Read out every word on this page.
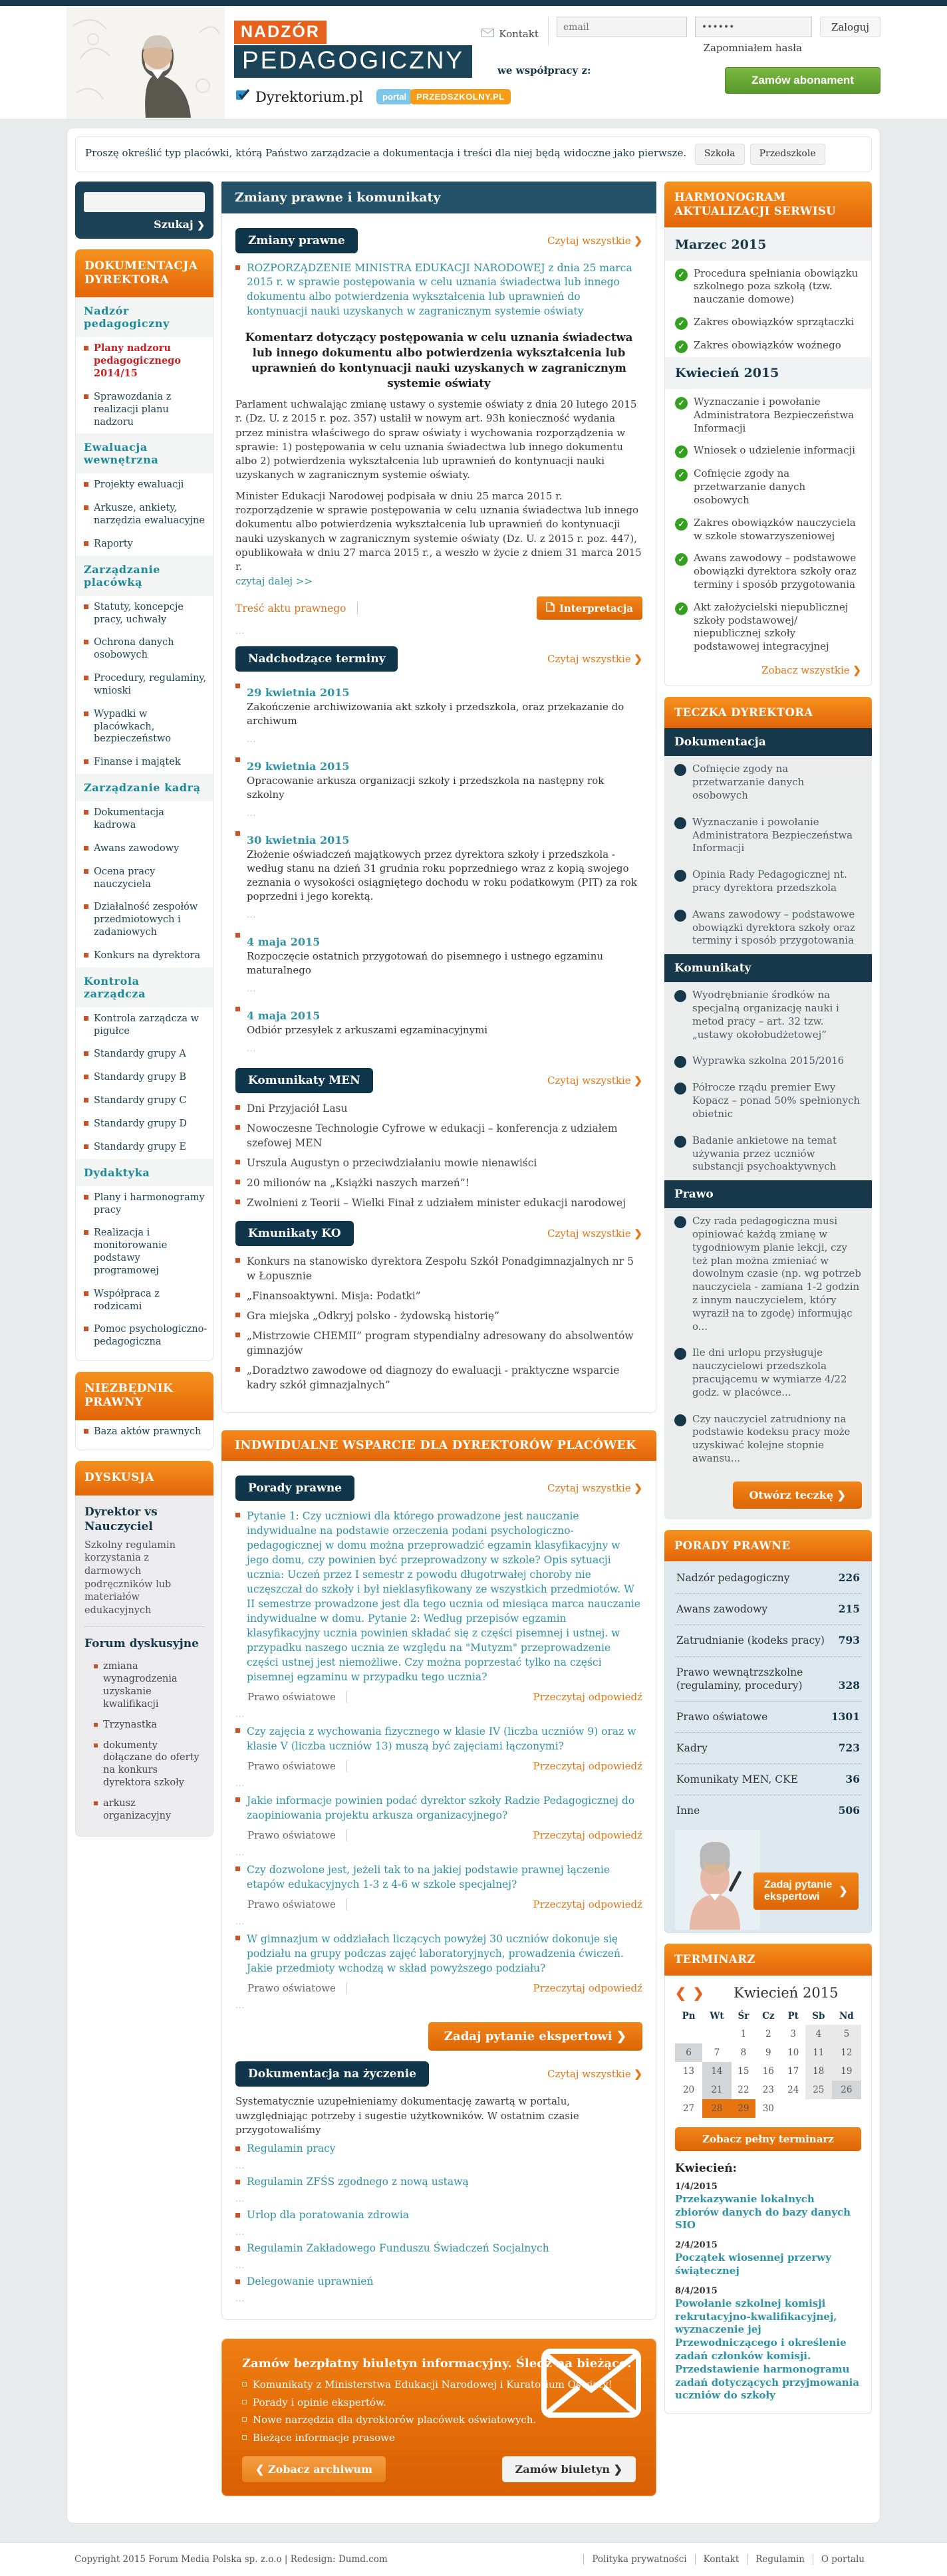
NADZÓR
PEDAGOGICZNY	we współpracy z:
Dyrektorium.pl	portal	PRZEDSZKOLNY.PL
Kontakt
email
••••••
Zaloguj
Zapomniałem hasła
Zamów abonament
Proszę określić typ placówki, którą Państwo zarządzacie a dokumentacja i treści dla niej będą widoczne jako pierwsze. Szkoła	Przedszkole
Szukaj ❯
DOKUMENTACJA DYREKTORA
Nadzór pedagogiczny
Plany nadzoru pedagogicznego 2014/15
Sprawozdania z realizacji planu nadzoru
Ewaluacja wewnętrzna
Projekty ewaluacji
Arkusze, ankiety, narzędzia ewaluacyjne
Raporty
Zarządzanie placówką
Statuty, koncepcje pracy, uchwały
Ochrona danych osobowych
Procedury, regulaminy, wnioski
Wypadki w placówkach, bezpieczeństwo
Finanse i majątek
Zarządzanie kadrą
Dokumentacja kadrowa
Awans zawodowy
Ocena pracy nauczyciela
Działalność zespołów przedmiotowych i zadaniowych
Konkurs na dyrektora
Kontrola zarządcza
Kontrola zarządcza w pigułce
Standardy grupy A
Standardy grupy B
Standardy grupy C
Standardy grupy D
Standardy grupy E
Dydaktyka
Plany i harmonogramy pracy
Realizacja i monitorowanie podstawy programowej
Współpraca z rodzicami
Pomoc psychologiczno-pedagogiczna
NIEZBĘDNIK PRAWNY
Baza aktów prawnych
DYSKUSJA
Dyrektor vs Nauczyciel

Szkolny regulamin korzystania z darmowych podręczników lub materiałów edukacyjnych

Forum dyskusyjne
zmiana wynagrodzenia uzyskanie kwalifikacji
Trzynastka
dokumenty dołączane do oferty na konkurs dyrektora szkoły
arkusz organizacyjny
Zmiany prawne i komunikaty
Zmiany prawne	Czytaj wszystkie ❯
ROZPORZĄDZENIE MINISTRA EDUKACJI NARODOWEJ z dnia 25 marca 2015 r. w sprawie postępowania w celu uznania świadectwa lub innego dokumentu albo potwierdzenia wykształcenia lub uprawnień do kontynuacji nauki uzyskanych w zagranicznym systemie oświaty
Komentarz dotyczący postępowania w celu uznania świadectwa lub innego dokumentu albo potwierdzenia wykształcenia lub uprawnień do kontynuacji nauki uzyskanych w zagranicznym systemie oświaty

Parlament uchwalając zmianę ustawy o systemie oświaty z dnia 20 lutego 2015 r. (Dz. U. z 2015 r. poz. 357) ustalił w nowym art. 93h konieczność wydania przez ministra właściwego do spraw oświaty i wychowania rozporządzenia w sprawie: 1) postępowania w celu uznania świadectwa lub innego dokumentu albo 2) potwierdzenia wykształcenia lub uprawnień do kontynuacji nauki uzyskanych w zagranicznym systemie oświaty.

Minister Edukacji Narodowej podpisała w dniu 25 marca 2015 r. rozporządzenie w sprawie postępowania w celu uznania świadectwa lub innego dokumentu albo potwierdzenia wykształcenia lub uprawnień do kontynuacji nauki uzyskanych w zagranicznym systemie oświaty (Dz. U. z 2015 r. poz. 447), opublikowała w dniu 27 marca 2015 r., a weszło w życie z dniem 31 marca 2015 r.

czytaj dalej >>
Treść aktu prawnego	Interpretacja
...
Nadchodzące terminy	Czytaj wszystkie ❯
29 kwietnia 2015
Zakończenie archiwizowania akt szkoły i przedszkola, oraz przekazanie do archiwum
...
29 kwietnia 2015
Opracowanie arkusza organizacji szkoły i przedszkola na następny rok szkolny
...
30 kwietnia 2015
Złożenie oświadczeń majątkowych przez dyrektora szkoły i przedszkola - według stanu na dzień 31 grudnia roku poprzedniego wraz z kopią swojego zeznania o wysokości osiągniętego dochodu w roku podatkowym (PIT) za rok poprzedni i jego korektą.
...
4 maja 2015
Rozpoczęcie ostatnich przygotowań do pisemnego i ustnego egzaminu maturalnego
...
4 maja 2015
Odbiór przesyłek z arkuszami egzaminacyjnymi
...
Komunikaty MEN	Czytaj wszystkie ❯
Dni Przyjaciół Lasu
Nowoczesne Technologie Cyfrowe w edukacji – konferencja z udziałem szefowej MEN
Urszula Augustyn o przeciwdziałaniu mowie nienawiści
20 milionów na „Książki naszych marzeń”!
Zwolnieni z Teorii – Wielki Finał z udziałem minister edukacji narodowej
Kmunikaty KO	Czytaj wszystkie ❯
Konkurs na stanowisko dyrektora Zespołu Szkół Ponadgimnazjalnych nr 5 w Łopusznie
„Finansoaktywni. Misja: Podatki”
Gra miejska „Odkryj polsko - żydowską historię”
„Mistrzowie CHEMII” program stypendialny adresowany do absolwentów gimnazjów
„Doradztwo zawodowe od diagnozy do ewaluacji - praktyczne wsparcie kadry szkół gimnazjalnych”
INDWIDUALNE WSPARCIE DLA DYREKTORÓW PLACÓWEK
Porady prawne	Czytaj wszystkie ❯
Pytanie 1: Czy uczniowi dla którego prowadzone jest nauczanie indywidualne na podstawie orzeczenia podani psychologiczno-pedagogicznej w domu można przeprowadzić egzamin klasyfikacyjny w jego domu, czy powinien być przeprowadzony w szkole? Opis sytuacji ucznia: Uczeń przez I semestr z powodu długotrwałej choroby nie uczęszczał do szkoły i był nieklasyfikowany ze wszystkich przedmiotów. W II semestrze prowadzone jest dla tego ucznia od miesiąca marca nauczanie indywidualne w domu. Pytanie 2: Według przepisów egzamin klasyfikacyjny ucznia powinien składać się z części pisemnej i ustnej. w przypadku naszego ucznia ze względu na "Mutyzm" przeprowadzenie części ustnej jest niemożliwe. Czy można poprzestać tylko na części pisemnej egzaminu w przypadku tego ucznia?
Prawo oświatowe	Przeczytaj odpowiedź
...
Czy zajęcia z wychowania fizycznego w klasie IV (liczba uczniów 9) oraz w klasie V (liczba uczniów 13) muszą być zajęciami łączonymi?
Prawo oświatowe	Przeczytaj odpowiedź
...
Jakie informacje powinien podać dyrektor szkoły Radzie Pedagogicznej do zaopiniowania projektu arkusza organizacyjnego?
Prawo oświatowe	Przeczytaj odpowiedź
...
Czy dozwolone jest, jeżeli tak to na jakiej podstawie prawnej łączenie etapów edukacyjnych 1-3 z 4-6 w szkole specjalnej?
Prawo oświatowe	Przeczytaj odpowiedź
...
W gimnazjum w oddziałach liczących powyżej 30 uczniów dokonuje się podziału na grupy podczas zajęć laboratoryjnych, prowadzenia ćwiczeń. Jakie przedmioty wchodzą w skład powyższego podziału?
Prawo oświatowe	Przeczytaj odpowiedź
...
Zadaj pytanie ekspertowi ❯
Dokumentacja na życzenie	Czytaj wszystkie ❯

Systematycznie uzupełnieniamy dokumentację zawartą w portalu, uwzględniając potrzeby i sugestie użytkowników. W ostatnim czasie przygotowaliśmy

Regulamin pracy
...
Regulamin ZFŚS zgodnego z nową ustawą
...
Urlop dla poratowania zdrowia
...
Regulamin Zakładowego Funduszu Świadczeń Socjalnych
...
Delegowanie uprawnień
...
Zamów bezpłatny biuletyn informacyjny. Śledź na bieżąco:
Komunikaty z Ministerstwa Edukacji Narodowej i Kuratorium Oświaty!
Porady i opinie ekspertów.
Nowe narzędzia dla dyrektorów placówek oświatowych.
Bieżące informacje prasowe
❮ Zobacz archiwum	Zamów biuletyn ❯
HARMONOGRAM AKTUALIZACJI SERWISU
Marzec 2015
✓ Procedura spełniania obowiązku szkolnego poza szkołą (tzw. nauczanie domowe)
✓ Zakres obowiązków sprzątaczki
✓ Zakres obowiązków woźnego
Kwiecień 2015
✓ Wyznaczanie i powołanie Administratora Bezpieczeństwa Informacji
✓ Wniosek o udzielenie informacji
✓ Cofnięcie zgody na przetwarzanie danych osobowych
✓ Zakres obowiązków nauczyciela w szkole stowarzyszeniowej
✓ Awans zawodowy – podstawowe obowiązki dyrektora szkoły oraz terminy i sposób przygotowania
✓ Akt założycielski niepublicznej szkoły podstawowej/ niepublicznej szkoły podstawowej integracyjnej
Zobacz wszystkie ❯
TECZKA DYREKTORA
Dokumentacja
Cofnięcie zgody na przetwarzanie danych osobowych
Wyznaczanie i powołanie Administratora Bezpieczeństwa Informacji
Opinia Rady Pedagogicznej nt. pracy dyrektora przedszkola
Awans zawodowy – podstawowe obowiązki dyrektora szkoły oraz terminy i sposób przygotowania
Komunikaty
Wyodrębnianie środków na specjalną organizację nauki i metod pracy – art. 32 tzw. „ustawy okołobudżetowej”
Wyprawka szkolna 2015/2016
Półrocze rządu premier Ewy Kopacz – ponad 50% spełnionych obietnic
Badanie ankietowe na temat używania przez uczniów substancji psychoaktywnych
Prawo
Czy rada pedagogiczna musi opiniować każdą zmianę w tygodniowym planie lekcji, czy też plan można zmieniać w dowolnym czasie (np. wg potrzeb nauczyciela - zamiana 1-2 godzin z innym nauczycielem, który wyraził na to zgodę) informując o...
Ile dni urlopu przysługuje nauczycielowi przedszkola pracującemu w wymiarze 4/22 godz. w placówce...
Czy nauczyciel zatrudniony na podstawie kodeksu pracy może uzyskiwać kolejne stopnie awansu...
Otwórz teczkę ❯
PORADY PRAWNE
Nadzór pedagogiczny	226
Awans zawodowy	215
Zatrudnianie (kodeks pracy) 793
Prawo wewnątrzszkolne (regulaminy, procedury)	328
Prawo oświatowe	1301
Kadry	723
Komunikaty MEN, CKE	36
Inne	506
Zadaj pytanie
ekspertowi	❯
TERMINARZ
❮ ❯	Kwiecień 2015
Pn	Wt	Śr	Cz	Pt	Sb	Nd
		1	2	3	4	5
6	7	8	9	10	11	12
13	14	15	16	17	18	19
20	21	22	23	24	25	26
27	28	29	30			
Zobacz pełny terminarz
Kwiecień:
1/4/2015
Przekazywanie lokalnych zbiorów danych do bazy danych SIO
2/4/2015
Początek wiosennej przerwy świątecznej
8/4/2015
Powołanie szkolnej komisji rekrutacyjno-kwalifikacyjnej, wyznaczenie jej Przewodniczącego i określenie zadań członków komisji. Przedstawienie harmonogramu zadań dotyczących przyjmowania uczniów do szkoły
Copyright 2015 Forum Media Polska sp. z.o.o | Redesign: Dumd.com	Polityka prywatności	Kontakt	Regulamin	O portalu
